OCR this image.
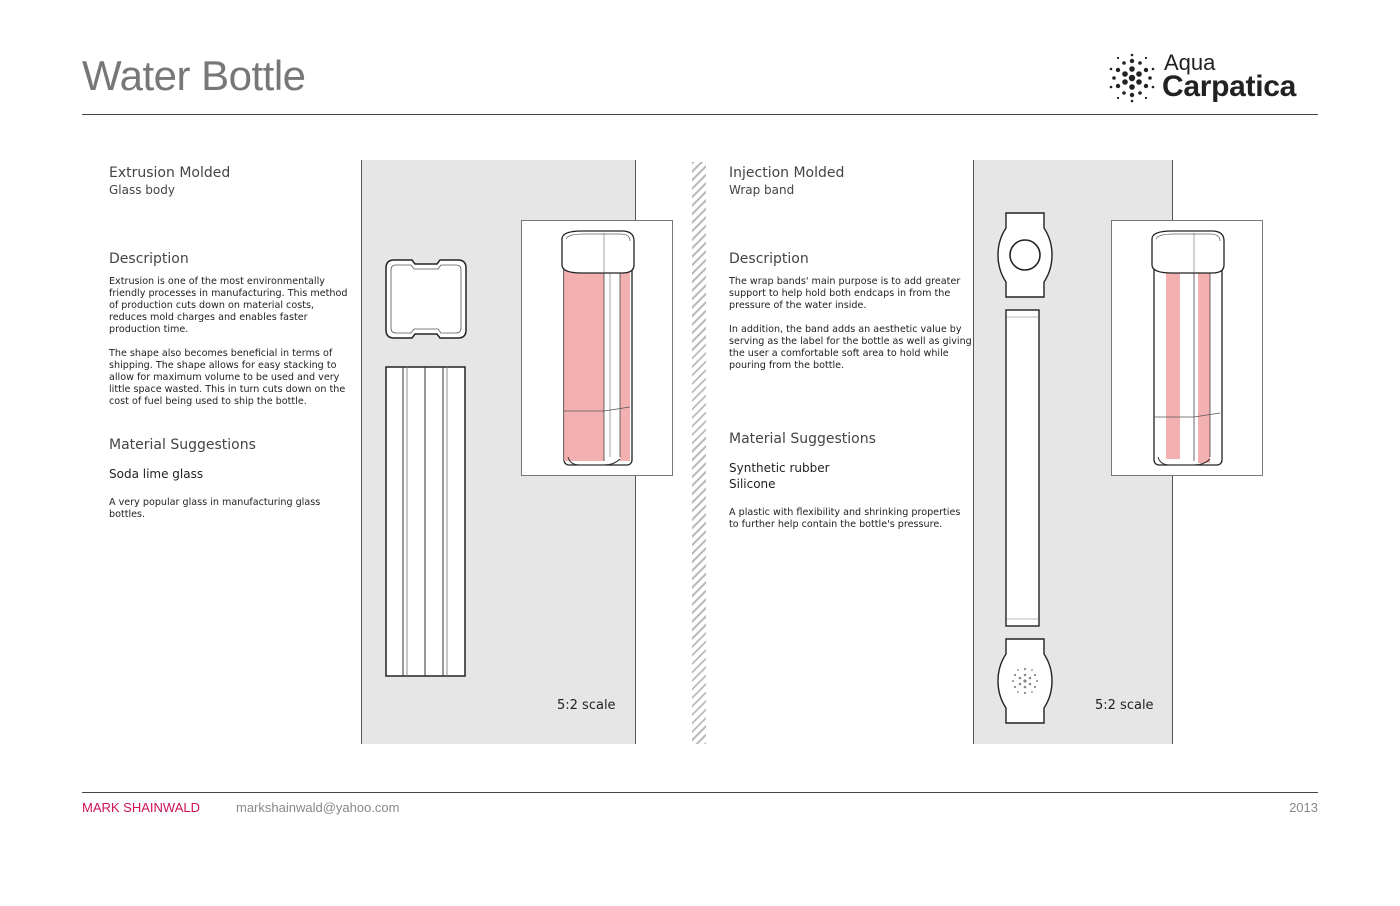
Water Bottle	Aqua
Carpatica
Extrusion Molded
Glass body
Description
Extrusion is one of the most environmentally
friendly processes in manufacturing. This method
of production cuts down on material costs,
reduces mold charges and enables faster
production time.
The shape also becomes beneficial in terms of
shipping. The shape allows for easy stacking to
allow for maximum volume to be used and very
little space wasted. This in turn cuts down on the
cost of fuel being used to ship the bottle.
Material Suggestions
Soda lime glass
A very popular glass in manufacturing glass
bottles.
5:2 scale
Injection Molded
Wrap band
Description
The wrap bands' main purpose is to add greater
support to help hold both endcaps in from the
pressure of the water inside.
In addition, the band adds an aesthetic value by
serving as the label for the bottle as well as giving
the user a comfortable soft area to hold while
pouring from the bottle.
Material Suggestions
Synthetic rubber
Silicone
A plastic with flexibility and shrinking properties
to further help contain the bottle's pressure.
5:2 scale
MARK SHAINWALD	markshainwald@yahoo.com	2013
